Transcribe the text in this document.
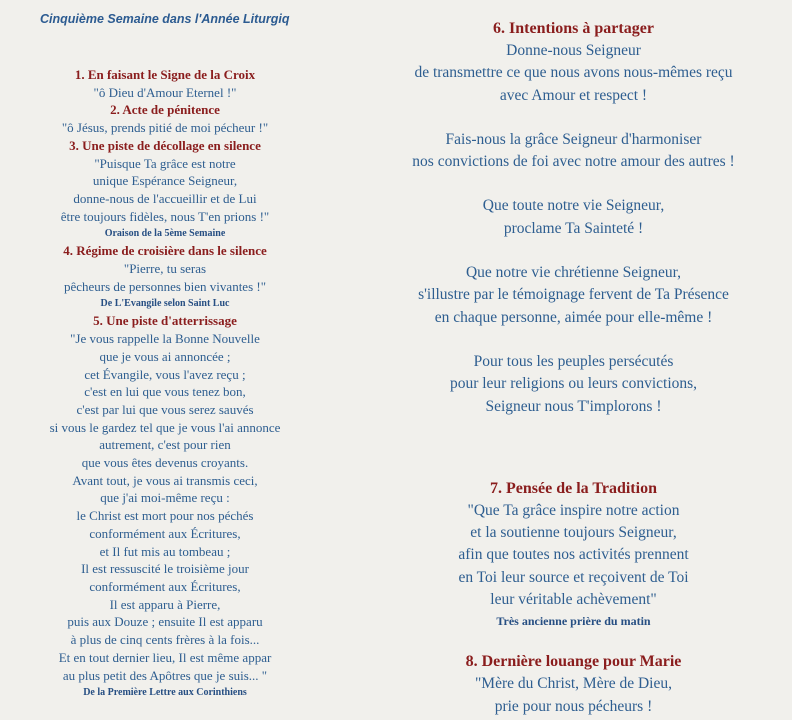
Cinquième Semaine dans l'Année Liturgiq
1. En faisant le Signe de la Croix
"ô Dieu d'Amour Eternel !"
2. Acte de pénitence
"ô Jésus, prends pitié de moi pécheur !"
3. Une piste de décollage en silence
"Puisque Ta grâce est notre
unique Espérance Seigneur,
donne-nous de l'accueillir et de Lui
être toujours fidèles, nous T'en prions !"
Oraison de la 5ème Semaine
4. Régime de croisière dans le silence
"Pierre, tu seras
pêcheurs de personnes bien vivantes !"
De L'Evangile selon Saint Luc
5. Une piste d'atterrissage
"Je vous rappelle la Bonne Nouvelle
que je vous ai annoncée ;
cet Évangile, vous l'avez reçu ;
c'est en lui que vous tenez bon,
c'est par lui que vous serez sauvés
si vous le gardez tel que je vous l'ai annonce
autrement, c'est pour rien
que vous êtes devenus croyants.
Avant tout, je vous ai transmis ceci,
que j'ai moi-même reçu :
le Christ est mort pour nos péchés
conformément aux Écritures,
et Il fut mis au tombeau ;
Il est ressuscité le troisième jour
conformément aux Écritures,
Il est apparu à Pierre,
puis aux Douze ; ensuite Il est apparu
à plus de cinq cents frères à la fois...
Et en tout dernier lieu, Il est même appar
au plus petit des Apôtres que je suis... "
De la Première Lettre aux Corinthiens
6. Intentions à partager
Donne-nous Seigneur
de transmettre ce que nous avons nous-mêmes reçu
avec Amour et respect !
Fais-nous la grâce Seigneur d'harmoniser
nos convictions de foi avec notre amour des autres !
Que toute notre vie Seigneur,
proclame Ta Sainteté !
Que notre vie chrétienne Seigneur,
s'illustre par le témoignage fervent de Ta Présence
en chaque personne, aimée pour elle-même !
Pour tous les peuples persécutés
pour leur religions ou leurs convictions,
Seigneur nous T'implorons !
7. Pensée de la Tradition
"Que Ta grâce inspire notre action
et la soutienne toujours Seigneur,
afin que toutes nos activités prennent
en Toi leur source et reçoivent de Toi
leur véritable achèvement"
Très ancienne prière du matin
8. Dernière louange pour Marie
"Mère du Christ, Mère de Dieu,
prie pour nous pécheurs !
